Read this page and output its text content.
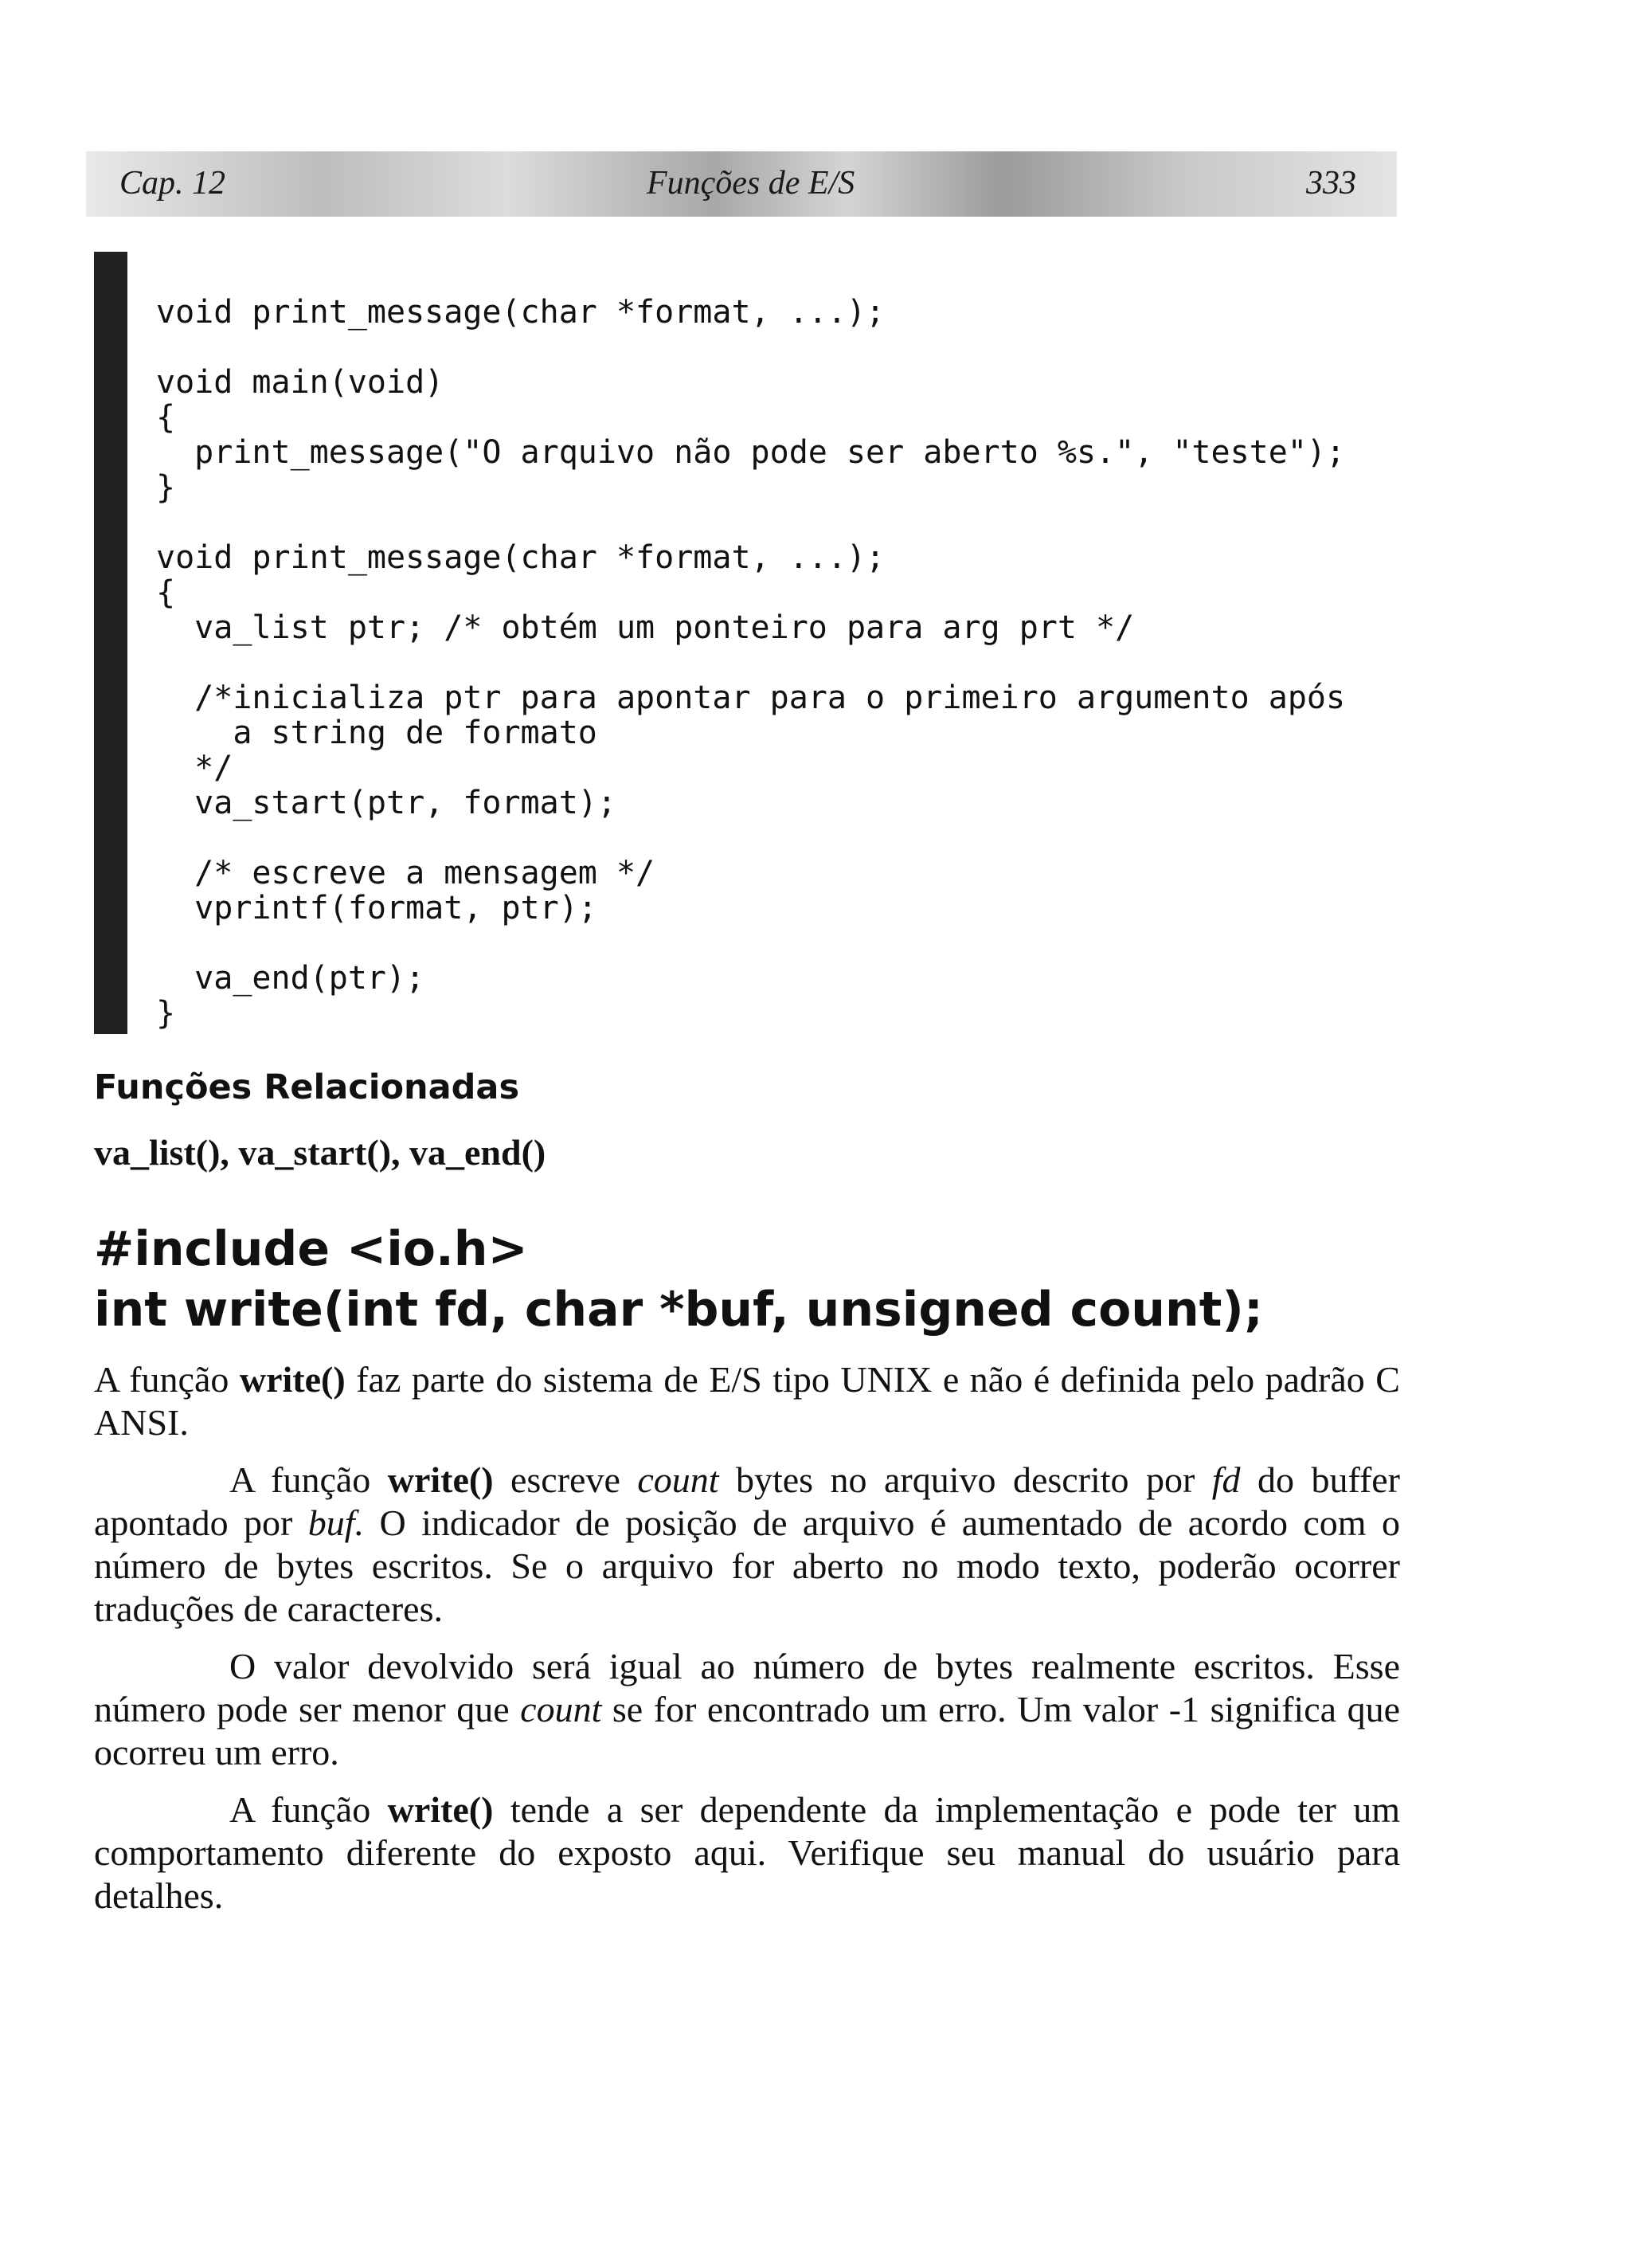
Cap. 12	Funções de E/S	333
void print_message(char *format, ...);
void main(void)
{
print_message("O arquivo não pode ser aberto %s.", "teste");
}
void print_message(char *format, ...);
{
va_list ptr; /* obtém um ponteiro para arg prt */
/*inicializa ptr para apontar para o primeiro argumento após
a string de formato
*/
va_start(ptr, format);
/* escreve a mensagem */
vprintf(format, ptr);
va_end(ptr);
}
Funções Relacionadas

va_list(), va_start(), va_end()

#include <io.h>
int write(int fd, char *buf, unsigned count);

A função write() faz parte do sistema de E/S tipo UNIX e não é definida pelo padrão C ANSI.

A função write() escreve count bytes no arquivo descrito por fd do buffer apontado por buf. O indicador de posição de arquivo é aumentado de acordo com o número de bytes escritos. Se o arquivo for aberto no modo texto, poderão ocorrer traduções de caracteres.

O valor devolvido será igual ao número de bytes realmente escritos. Esse número pode ser menor que count se for encontrado um erro. Um valor -1 significa que ocorreu um erro.

A função write() tende a ser dependente da implementação e pode ter um comportamento diferente do exposto aqui. Verifique seu manual do usuário para detalhes.
